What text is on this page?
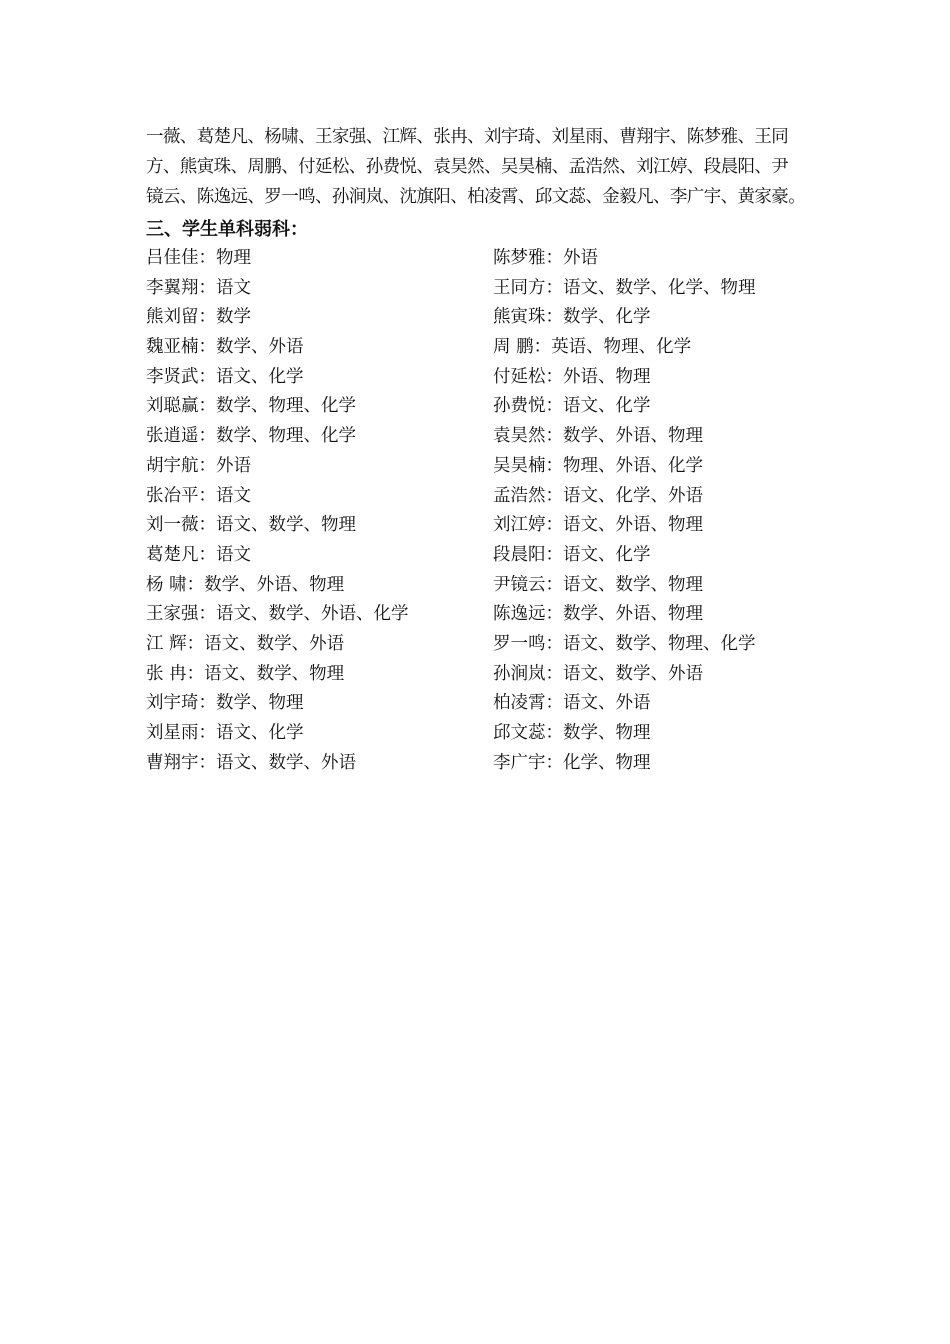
一薇、葛楚凡、杨啸、王家强、江辉、张冉、刘宇琦、刘星雨、曹翔宇、陈梦雅、王同
方、熊寅珠、周鹏、付延松、孙费悦、袁昊然、吴昊楠、孟浩然、刘江婷、段晨阳、尹
镜云、陈逸远、罗一鸣、孙涧岚、沈旗阳、柏凌霄、邱文蕊、金毅凡、李广宇、黄家豪。
三、学生单科弱科：
吕佳佳：物理
李翼翔：语文
熊刘留：数学
魏亚楠：数学、外语
李贤武：语文、化学
刘聪赢：数学、物理、化学
张逍遥：数学、物理、化学
胡宇航：外语
张冶平：语文
刘一薇：语文、数学、物理
葛楚凡：语文
杨 啸：数学、外语、物理
王家强：语文、数学、外语、化学
江 辉：语文、数学、外语
张 冉：语文、数学、物理
刘宇琦：数学、物理
刘星雨：语文、化学
曹翔宇：语文、数学、外语
陈梦雅：外语
王同方：语文、数学、化学、物理
熊寅珠：数学、化学
周 鹏：英语、物理、化学
付延松：外语、物理
孙费悦：语文、化学
袁昊然：数学、外语、物理
吴昊楠：物理、外语、化学
孟浩然：语文、化学、外语
刘江婷：语文、外语、物理
段晨阳：语文、化学
尹镜云：语文、数学、物理
陈逸远：数学、外语、物理
罗一鸣：语文、数学、物理、化学
孙涧岚：语文、数学、外语
柏凌霄：语文、外语
邱文蕊：数学、物理
李广宇：化学、物理
